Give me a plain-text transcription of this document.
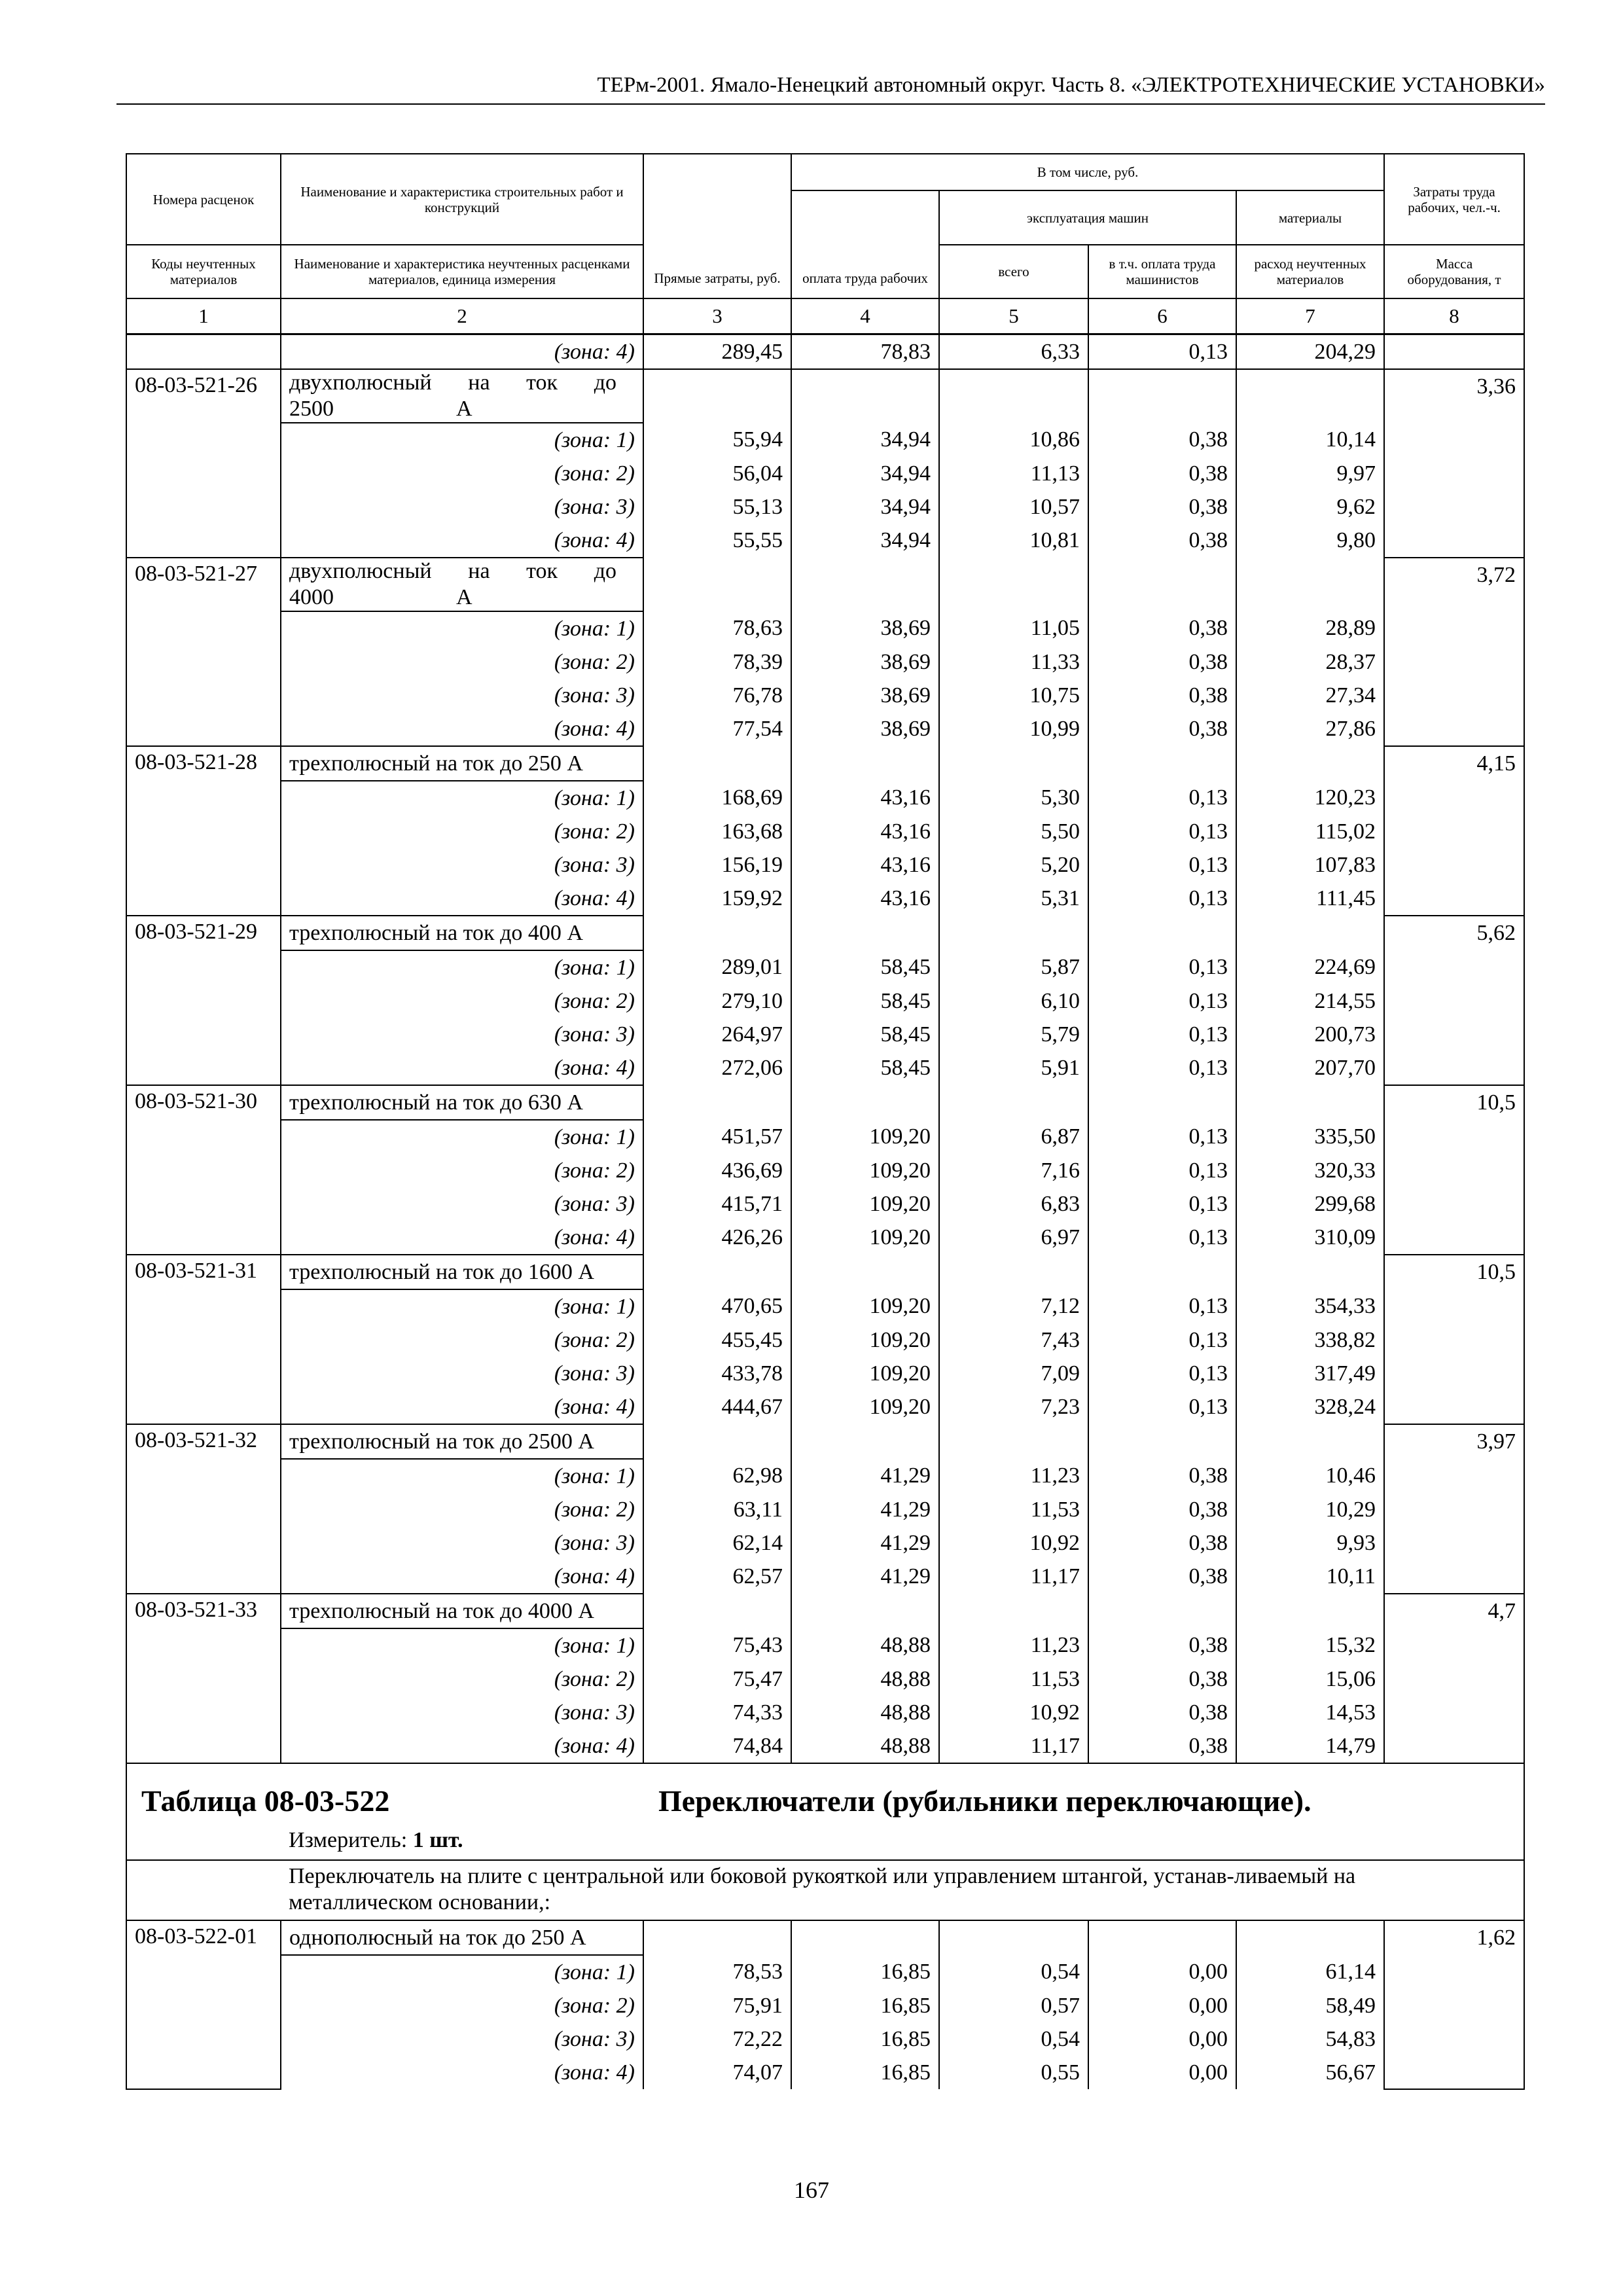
ТЕРм-2001. Ямало-Ненецкий автономный округ. Часть 8. «ЭЛЕКТРОТЕХНИЧЕСКИЕ УСТАНОВКИ»
Номера расценок	Наименование и характеристика строительных работ и конструкций	Прямые затраты, руб.	В том числе, руб.				Затраты труда рабочих, чел.-ч.
			оплата труда рабочих	эксплуатация машин		материалы	
Коды неучтенных материалов	Наименование и характеристика неучтенных расценками материалов, единица измерения			всего	в т.ч. оплата труда машинистов	расход неучтенных материалов	Масса оборудования, т
1	2	3	4	5	6	7	8
	(зона: 4)	289,45	78,83	6,33	0,13	204,29	
08-03-521-26	двухполюсный на ток до 2500                      А						3,36
	(зона: 1)	55,94	34,94	10,86	0,38	10,14	
	(зона: 2)	56,04	34,94	11,13	0,38	9,97	
	(зона: 3)	55,13	34,94	10,57	0,38	9,62	
	(зона: 4)	55,55	34,94	10,81	0,38	9,80	
08-03-521-27	двухполюсный на ток до 4000                      А						3,72
	(зона: 1)	78,63	38,69	11,05	0,38	28,89	
	(зона: 2)	78,39	38,69	11,33	0,38	28,37	
	(зона: 3)	76,78	38,69	10,75	0,38	27,34	
	(зона: 4)	77,54	38,69	10,99	0,38	27,86	
08-03-521-28	трехполюсный на ток до 250 А						4,15
	(зона: 1)	168,69	43,16	5,30	0,13	120,23	
	(зона: 2)	163,68	43,16	5,50	0,13	115,02	
	(зона: 3)	156,19	43,16	5,20	0,13	107,83	
	(зона: 4)	159,92	43,16	5,31	0,13	111,45	
08-03-521-29	трехполюсный на ток до 400 А						5,62
	(зона: 1)	289,01	58,45	5,87	0,13	224,69	
	(зона: 2)	279,10	58,45	6,10	0,13	214,55	
	(зона: 3)	264,97	58,45	5,79	0,13	200,73	
	(зона: 4)	272,06	58,45	5,91	0,13	207,70	
08-03-521-30	трехполюсный на ток до 630 А						10,5
	(зона: 1)	451,57	109,20	6,87	0,13	335,50	
	(зона: 2)	436,69	109,20	7,16	0,13	320,33	
	(зона: 3)	415,71	109,20	6,83	0,13	299,68	
	(зона: 4)	426,26	109,20	6,97	0,13	310,09	
08-03-521-31	трехполюсный на ток до 1600 А						10,5
	(зона: 1)	470,65	109,20	7,12	0,13	354,33	
	(зона: 2)	455,45	109,20	7,43	0,13	338,82	
	(зона: 3)	433,78	109,20	7,09	0,13	317,49	
	(зона: 4)	444,67	109,20	7,23	0,13	328,24	
08-03-521-32	трехполюсный на ток до 2500 А						3,97
	(зона: 1)	62,98	41,29	11,23	0,38	10,46	
	(зона: 2)	63,11	41,29	11,53	0,38	10,29	
	(зона: 3)	62,14	41,29	10,92	0,38	9,93	
	(зона: 4)	62,57	41,29	11,17	0,38	10,11	
08-03-521-33	трехполюсный на ток до 4000 А						4,7
	(зона: 1)	75,43	48,88	11,23	0,38	15,32	
	(зона: 2)	75,47	48,88	11,53	0,38	15,06	
	(зона: 3)	74,33	48,88	10,92	0,38	14,53	
	(зона: 4)	74,84	48,88	11,17	0,38	14,79	
Таблица 08-03-522 Переключатели (рубильники переключающие).							
	Измеритель: 1 шт.						
	Переключатель на плите с центральной или боковой рукояткой или управлением штангой, устанав-ливаемый на металлическом основании,:						
08-03-522-01	однополюсный на ток до 250 А						1,62
	(зона: 1)	78,53	16,85	0,54	0,00	61,14	
	(зона: 2)	75,91	16,85	0,57	0,00	58,49	
	(зона: 3)	72,22	16,85	0,54	0,00	54,83	
	(зона: 4)	74,07	16,85	0,55	0,00	56,67	
167
